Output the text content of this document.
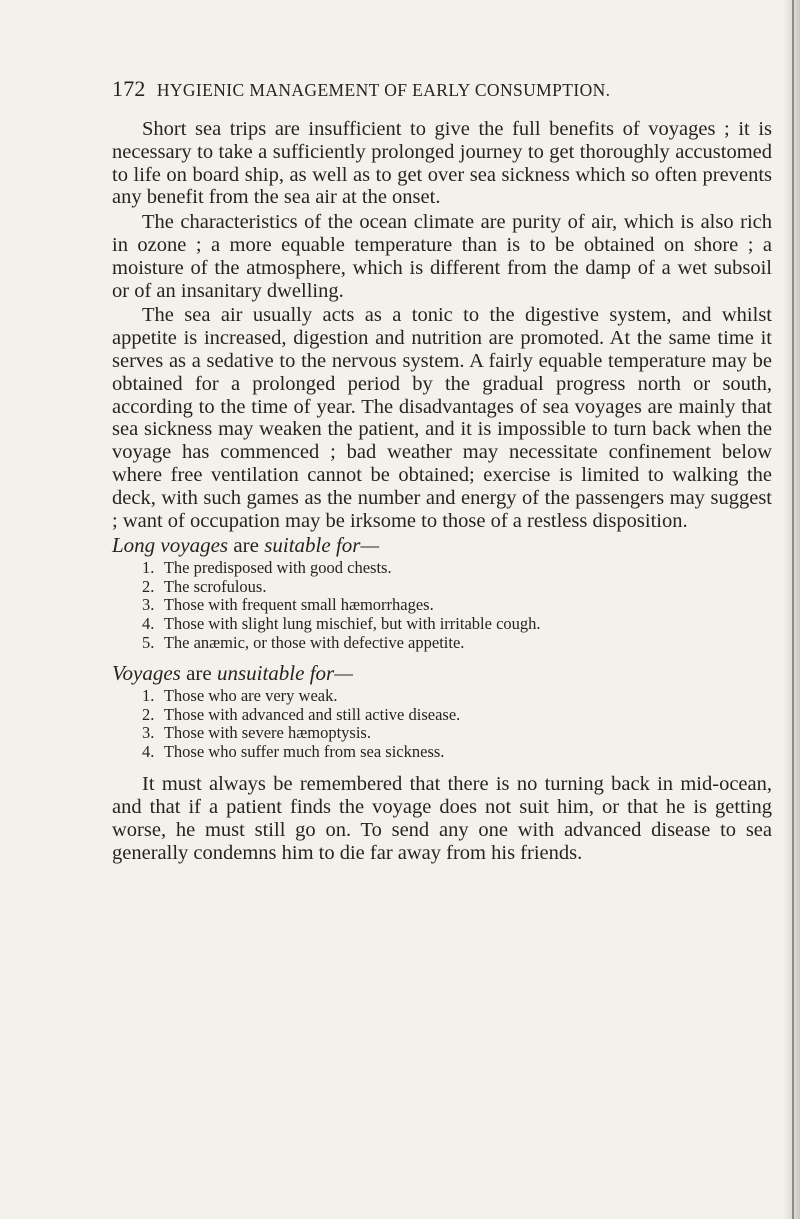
172 HYGIENIC MANAGEMENT OF EARLY CONSUMPTION.

Short sea trips are insufficient to give the full benefits of voyages ; it is necessary to take a sufficiently prolonged journey to get thoroughly accustomed to life on board ship, as well as to get over sea sickness which so often prevents any benefit from the sea air at the onset.

The characteristics of the ocean climate are purity of air, which is also rich in ozone ; a more equable temperature than is to be obtained on shore ; a moisture of the atmosphere, which is different from the damp of a wet subsoil or of an insanitary dwelling.

The sea air usually acts as a tonic to the digestive system, and whilst appetite is increased, digestion and nutrition are promoted. At the same time it serves as a sedative to the nervous system. A fairly equable temperature may be obtained for a prolonged period by the gradual progress north or south, according to the time of year. The disadvantages of sea voyages are mainly that sea sickness may weaken the patient, and it is impossible to turn back when the voyage has commenced ; bad weather may necessitate confinement below where free ventilation cannot be obtained; exercise is limited to walking the deck, with such games as the number and energy of the passengers may suggest ; want of occupation may be irksome to those of a restless disposition.

Long voyages are suitable for—

1. The predisposed with good chests.
2. The scrofulous.
3. Those with frequent small hæmorrhages.
4. Those with slight lung mischief, but with irritable cough.
5. The anæmic, or those with defective appetite.

Voyages are unsuitable for—

1. Those who are very weak.
2. Those with advanced and still active disease.
3. Those with severe hæmoptysis.
4. Those who suffer much from sea sickness.

It must always be remembered that there is no turning back in mid-ocean, and that if a patient finds the voyage does not suit him, or that he is getting worse, he must still go on. To send any one with advanced disease to sea generally condemns him to die far away from his friends.
